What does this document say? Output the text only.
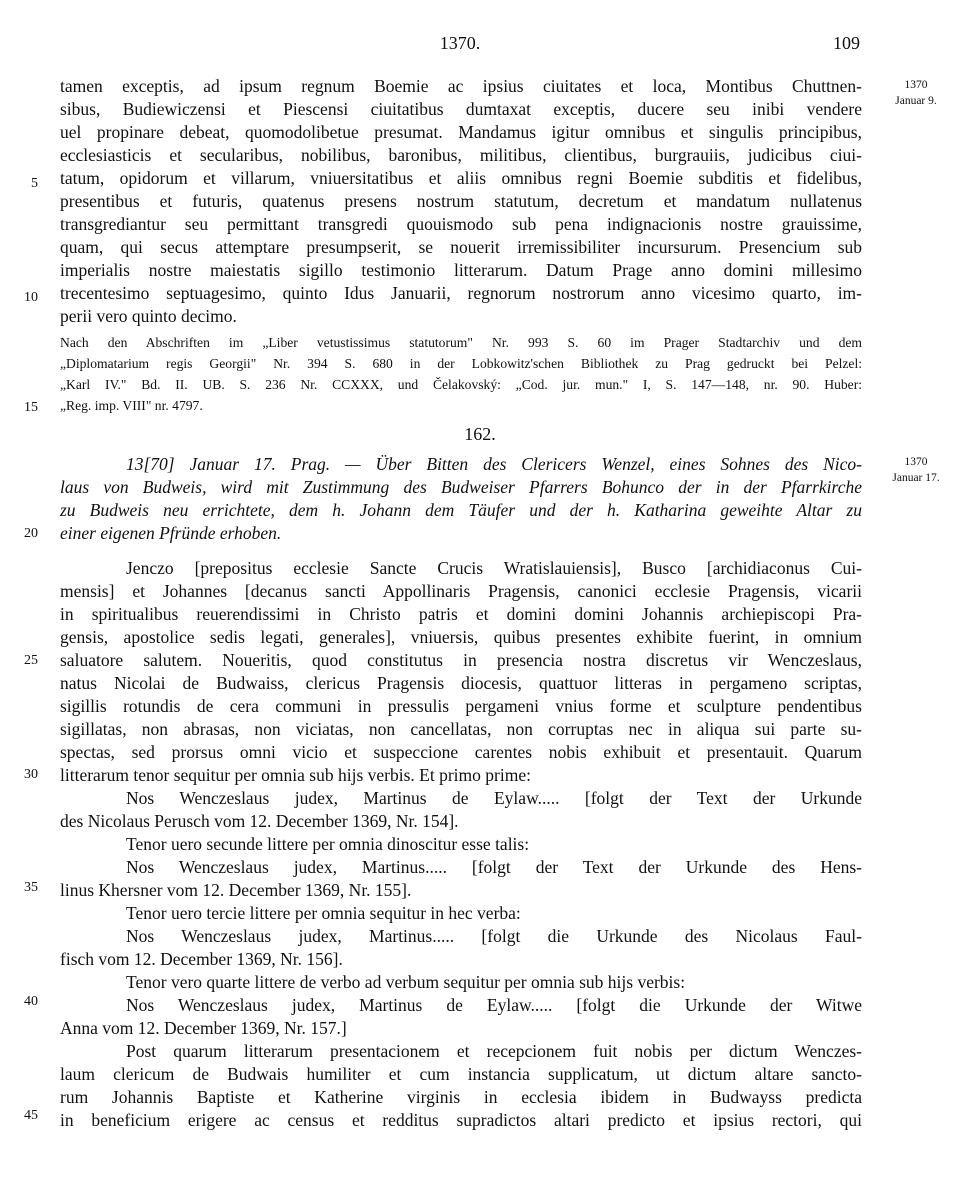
1370.	109
1370
Januar 9.
1370
Januar 17.
5
10
15
20
25
30
35
40
45
tamen exceptis, ad ipsum regnum Boemie ac ipsius ciuitates et loca, Montibus Chuttnen-
sibus, Budiewiczensi et Piescensi ciuitatibus dumtaxat exceptis, ducere seu inibi vendere
uel propinare debeat, quomodolibetue presumat. Mandamus igitur omnibus et singulis principibus,
ecclesiasticis et secularibus, nobilibus, baronibus, militibus, clientibus, burgrauiis, judicibus ciui-
tatum, opidorum et villarum, vniuersitatibus et aliis omnibus regni Boemie subditis et fidelibus,
presentibus et futuris, quatenus presens nostrum statutum, decretum et mandatum nullatenus
transgrediantur seu permittant transgredi quouismodo sub pena indignacionis nostre grauissime,
quam, qui secus attemptare presumpserit, se nouerit irremissibiliter incursurum. Presencium sub
imperialis nostre maiestatis sigillo testimonio litterarum. Datum Prage anno domini millesimo
trecentesimo septuagesimo, quinto Idus Januarii, regnorum nostrorum anno vicesimo quarto, im-
perii vero quinto decimo.
Nach den Abschriften im „Liber vetustissimus statutorum" Nr. 993 S. 60 im Prager Stadtarchiv und dem
„Diplomatarium regis Georgii" Nr. 394 S. 680 in der Lobkowitz'schen Bibliothek zu Prag gedruckt bei Pelzel:
„Karl IV." Bd. II. UB. S. 236 Nr. CCXXX, und Čelakovský: „Cod. jur. mun." I, S. 147—148, nr. 90. Huber:
„Reg. imp. VIII" nr. 4797.
162.
13[70] Januar 17. Prag. — Über Bitten des Clericers Wenzel, eines Sohnes des Nico-
laus von Budweis, wird mit Zustimmung des Budweiser Pfarrers Bohunco der in der Pfarrkirche
zu Budweis neu errichtete, dem h. Johann dem Täufer und der h. Katharina geweihte Altar zu
einer eigenen Pfründe erhoben.
Jenczo [prepositus ecclesie Sancte Crucis Wratislauiensis], Busco [archidiaconus Cui-
mensis] et Johannes [decanus sancti Appollinaris Pragensis, canonici ecclesie Pragensis, vicarii
in spiritualibus reuerendissimi in Christo patris et domini domini Johannis archiepiscopi Pra-
gensis, apostolice sedis legati, generales], vniuersis, quibus presentes exhibite fuerint, in omnium
saluatore salutem. Noueritis, quod constitutus in presencia nostra discretus vir Wenczeslaus,
natus Nicolai de Budwaiss, clericus Pragensis diocesis, quattuor litteras in pergameno scriptas,
sigillis rotundis de cera communi in pressulis pergameni vnius forme et sculpture pendentibus
sigillatas, non abrasas, non viciatas, non cancellatas, non corruptas nec in aliqua sui parte su-
spectas, sed prorsus omni vicio et suspeccione carentes nobis exhibuit et presentauit. Quarum
litterarum tenor sequitur per omnia sub hijs verbis. Et primo prime:
Nos Wenczeslaus judex, Martinus de Eylaw..... [folgt der Text der Urkunde
des Nicolaus Perusch vom 12. December 1369, Nr. 154].
Tenor uero secunde littere per omnia dinoscitur esse talis:
Nos Wenczeslaus judex, Martinus..... [folgt der Text der Urkunde des Hens-
linus Khersner vom 12. December 1369, Nr. 155].
Tenor uero tercie littere per omnia sequitur in hec verba:
Nos Wenczeslaus judex, Martinus..... [folgt die Urkunde des Nicolaus Faul-
fisch vom 12. December 1369, Nr. 156].
Tenor vero quarte littere de verbo ad verbum sequitur per omnia sub hijs verbis:
Nos Wenczeslaus judex, Martinus de Eylaw..... [folgt die Urkunde der Witwe
Anna vom 12. December 1369, Nr. 157.]
Post quarum litterarum presentacionem et recepcionem fuit nobis per dictum Wenczes-
laum clericum de Budwais humiliter et cum instancia supplicatum, ut dictum altare sancto-
rum Johannis Baptiste et Katherine virginis in ecclesia ibidem in Budwayss predicta
in beneficium erigere ac census et redditus supradictos altari predicto et ipsius rectori, qui
